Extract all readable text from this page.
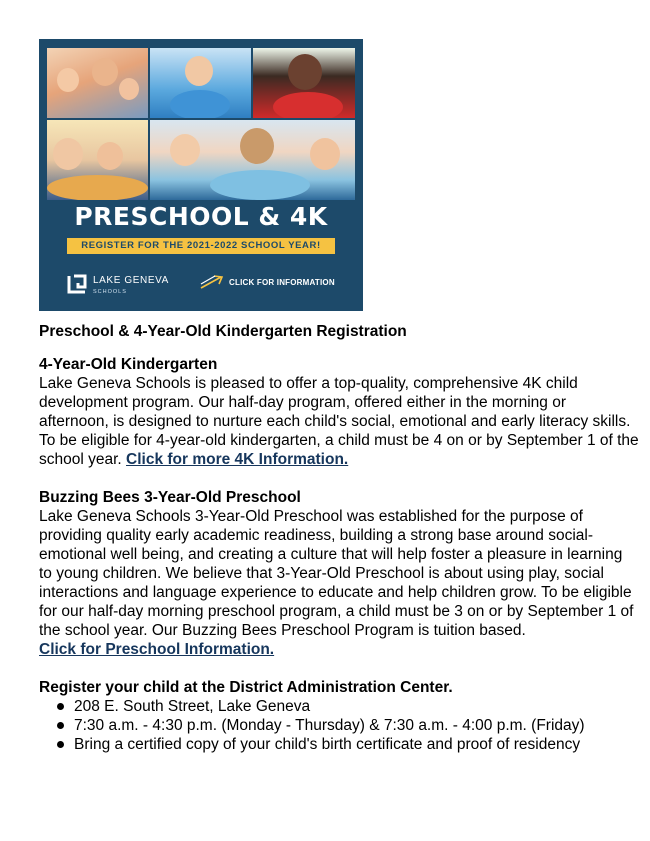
PRESCHOOL & 4K
REGISTER FOR THE 2021-2022 SCHOOL YEAR!
LAKE GENEVA
SCHOOLS
CLICK FOR INFORMATION

Preschool & 4-Year-Old Kindergarten Registration

4-Year-Old Kindergarten

Lake Geneva Schools is pleased to offer a top-quality, comprehensive 4K child development program. Our half-day program, offered either in the morning or afternoon, is designed to nurture each child's social, emotional and early literacy skills. To be eligible for 4-year-old kindergarten, a child must be 4 on or by September 1 of the school year. Click for more 4K Information.

Buzzing Bees 3-Year-Old Preschool

Lake Geneva Schools 3-Year-Old Preschool was established for the purpose of providing quality early academic readiness, building a strong base around social-emotional well being, and creating a culture that will help foster a pleasure in learning to young children. We believe that 3-Year-Old Preschool is about using play, social interactions and language experience to educate and help children grow. To be eligible for our half-day morning preschool program, a child must be 3 on or by September 1 of the school year. Our Buzzing Bees Preschool Program is tuition based.
Click for Preschool Information.

Register your child at the District Administration Center.

208 E. South Street, Lake Geneva
7:30 a.m. - 4:30 p.m. (Monday - Thursday) & 7:30 a.m. - 4:00 p.m. (Friday)
Bring a certified copy of your child's birth certificate and proof of residency
